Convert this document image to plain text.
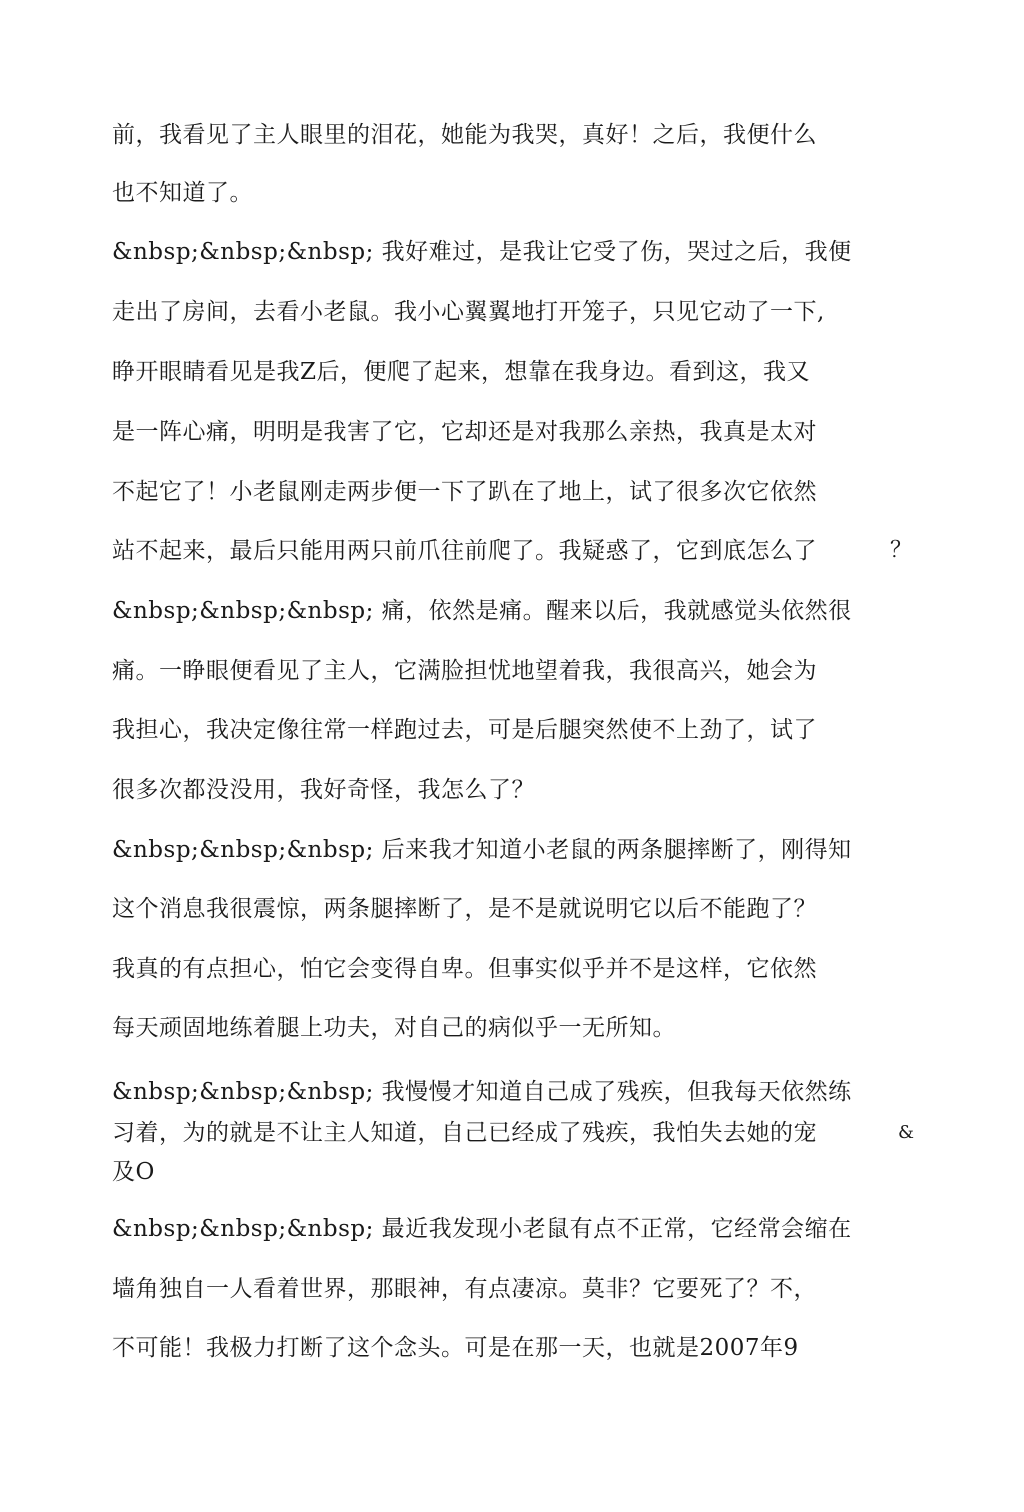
前，我看见了主人眼里的泪花，她能为我哭，真好！之后，我便什么
也不知道了。
&nbsp;&nbsp;&nbsp; 我好难过，是我让它受了伤，哭过之后，我便
走出了房间，去看小老鼠。我小心翼翼地打开笼子，只见它动了一下,
睁开眼睛看见是我Z后，便爬了起来，想靠在我身边。看到这，我又
是一阵心痛，明明是我害了它，它却还是对我那么亲热，我真是太对
不起它了！小老鼠刚走两步便一下了趴在了地上，试了很多次它依然
站不起来，最后只能用两只前爪往前爬了。我疑惑了，它到底怎么了	？
&nbsp;&nbsp;&nbsp; 痛，依然是痛。醒来以后，我就感觉头依然很
痛。一睁眼便看见了主人，它满脸担忧地望着我，我很高兴，她会为
我担心，我决定像往常一样跑过去，可是后腿突然使不上劲了，试了
很多次都没没用，我好奇怪，我怎么了？
&nbsp;&nbsp;&nbsp; 后来我才知道小老鼠的两条腿摔断了，刚得知
这个消息我很震惊，两条腿摔断了，是不是就说明它以后不能跑了？
我真的有点担心，怕它会变得自卑。但事实似乎并不是这样，它依然
每天顽固地练着腿上功夫，对自己的病似乎一无所知。
&nbsp;&nbsp;&nbsp; 我慢慢才知道自己成了残疾，但我每天依然练
习着，为的就是不让主人知道，自己已经成了残疾，我怕失去她的宠	&
及O
&nbsp;&nbsp;&nbsp; 最近我发现小老鼠有点不正常，它经常会缩在
墙角独自一人看着世界，那眼神，有点凄凉。莫非？它要死了？不，
不可能！我极力打断了这个念头。可是在那一天，也就是2007年9
